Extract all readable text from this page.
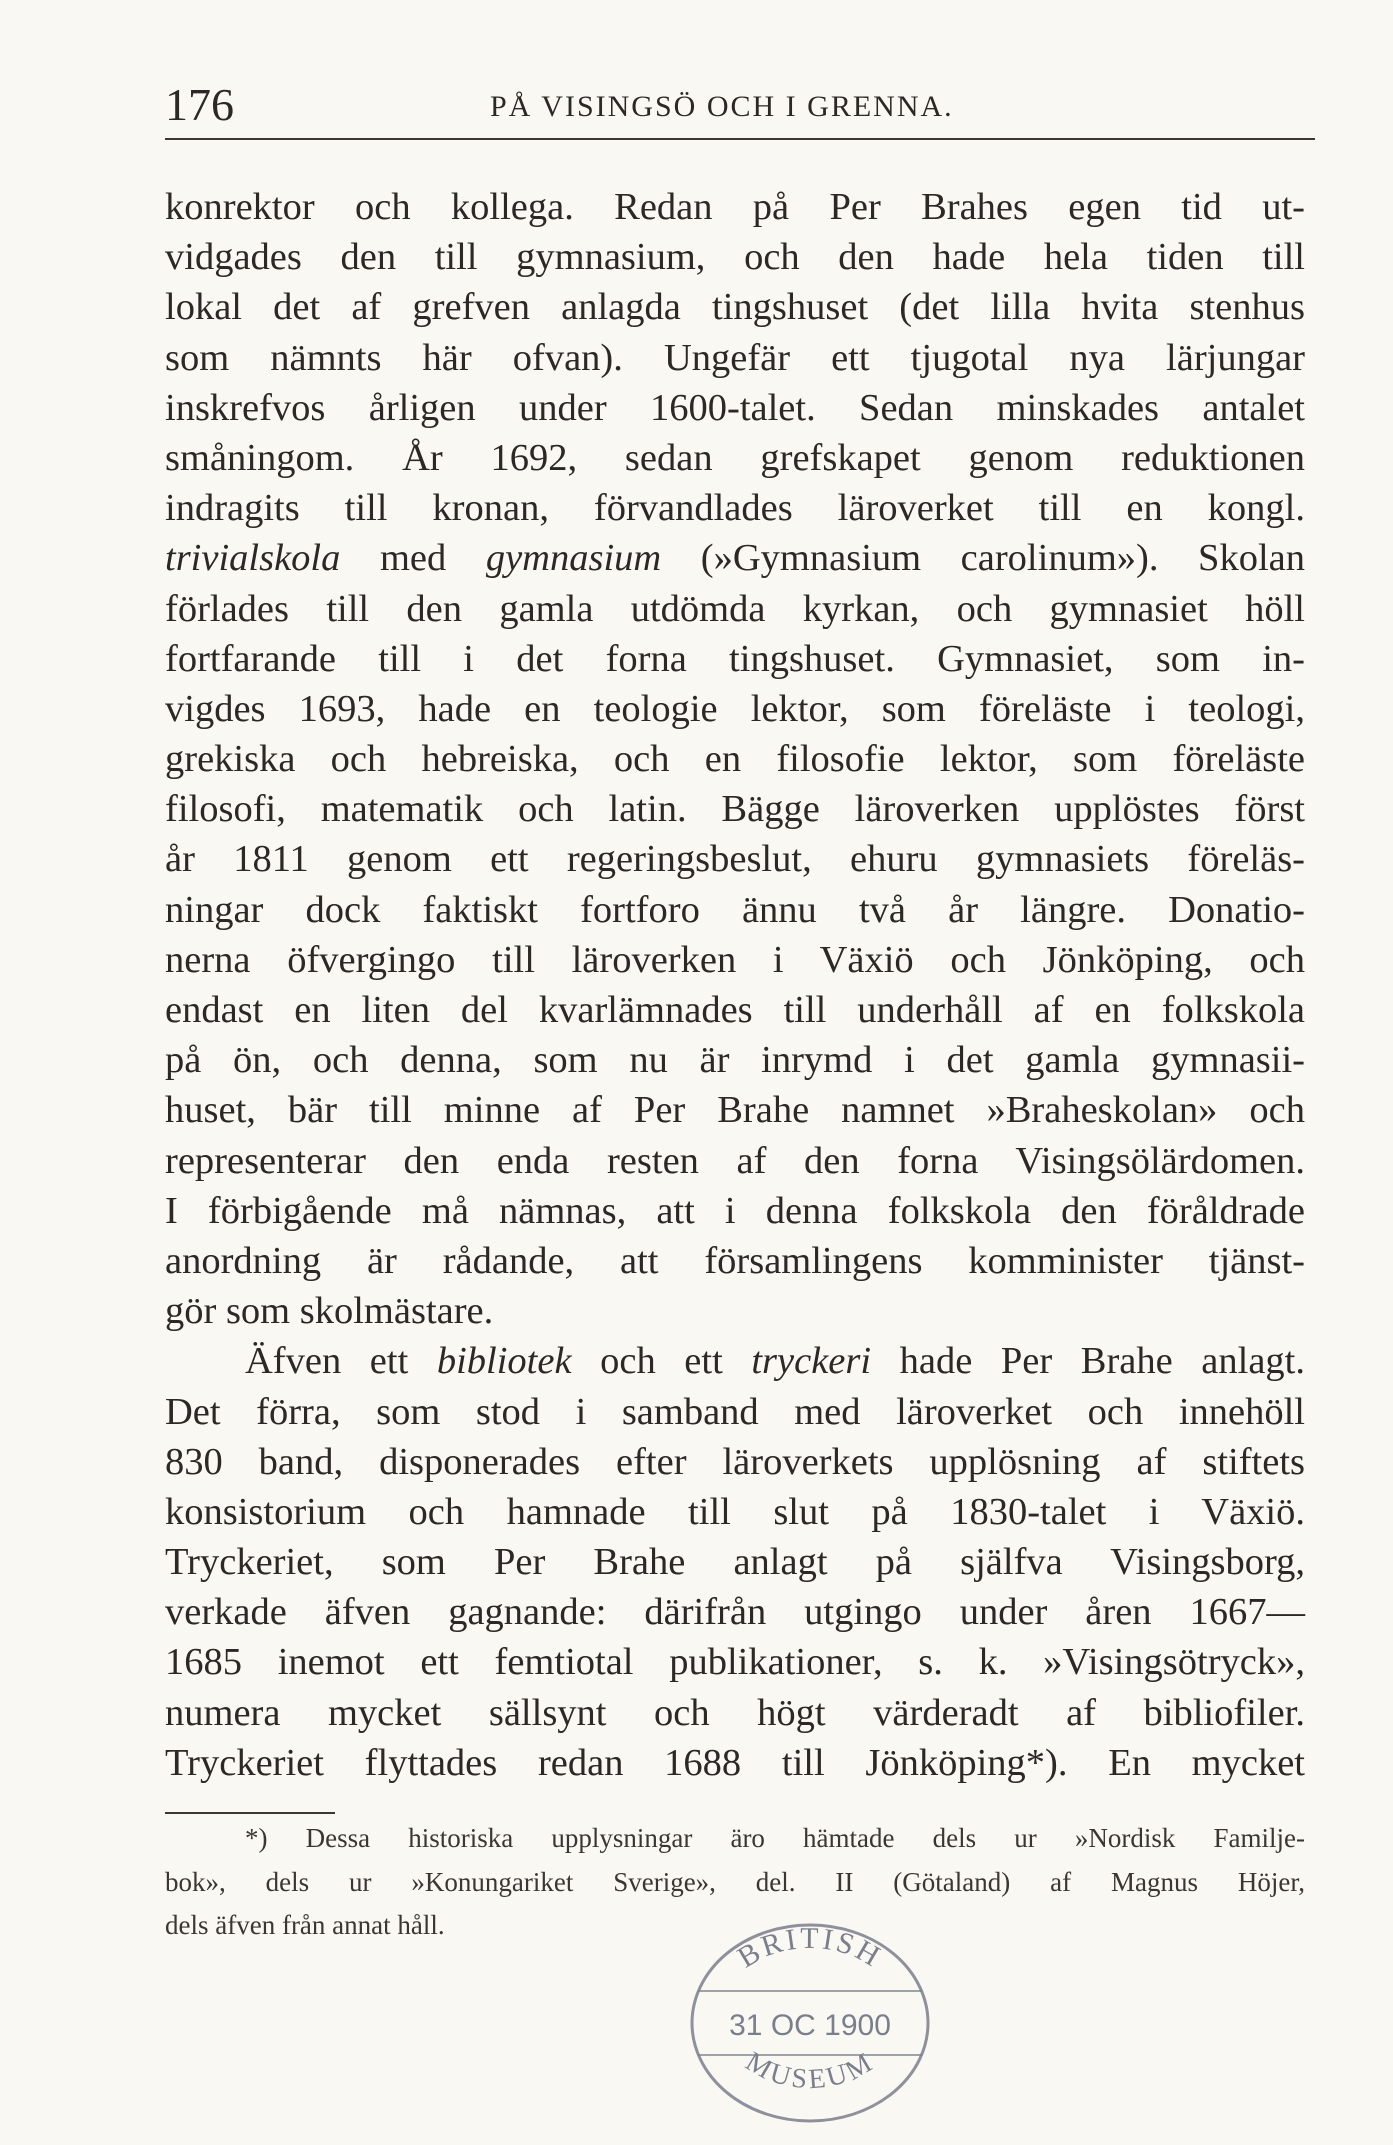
176	PÅ VISINGSÖ OCH I GRENNA.
konrektor och kollega. Redan på Per Brahes egen tid ut-
vidgades den till gymnasium, och den hade hela tiden till
lokal det af grefven anlagda tingshuset (det lilla hvita stenhus
som nämnts här ofvan). Ungefär ett tjugotal nya lärjungar
inskrefvos årligen under 1600-talet. Sedan minskades antalet
småningom. År 1692, sedan grefskapet genom reduktionen
indragits till kronan, förvandlades läroverket till en kongl.
trivialskola med gymnasium (»Gymnasium carolinum»). Skolan
förlades till den gamla utdömda kyrkan, och gymnasiet höll
fortfarande till i det forna tingshuset. Gymnasiet, som in-
vigdes 1693, hade en teologie lektor, som föreläste i teologi,
grekiska och hebreiska, och en filosofie lektor, som föreläste
filosofi, matematik och latin. Bägge läroverken upplöstes först
år 1811 genom ett regeringsbeslut, ehuru gymnasiets föreläs-
ningar dock faktiskt fortforo ännu två år längre. Donatio-
nerna öfvergingo till läroverken i Växiö och Jönköping, och
endast en liten del kvarlämnades till underhåll af en folkskola
på ön, och denna, som nu är inrymd i det gamla gymnasii-
huset, bär till minne af Per Brahe namnet »Braheskolan» och
representerar den enda resten af den forna Visingsölärdomen.
I förbigående må nämnas, att i denna folkskola den föråldrade
anordning är rådande, att församlingens komminister tjänst-
gör som skolmästare.
Äfven ett bibliotek och ett tryckeri hade Per Brahe anlagt.
Det förra, som stod i samband med läroverket och innehöll
830 band, disponerades efter läroverkets upplösning af stiftets
konsistorium och hamnade till slut på 1830-talet i Växiö.
Tryckeriet, som Per Brahe anlagt på själfva Visingsborg,
verkade äfven gagnande: därifrån utgingo under åren 1667—
1685 inemot ett femtiotal publikationer, s. k. »Visingsötryck»,
numera mycket sällsynt och högt värderadt af bibliofiler.
Tryckeriet flyttades redan 1688 till Jönköping*). En mycket
*) Dessa historiska upplysningar äro hämtade dels ur »Nordisk Familje-
bok», dels ur »Konungariket Sverige», del. II (Götaland) af Magnus Höjer,
dels äfven från annat håll.
BRITISH
31 OC 1900
MUSEUM
